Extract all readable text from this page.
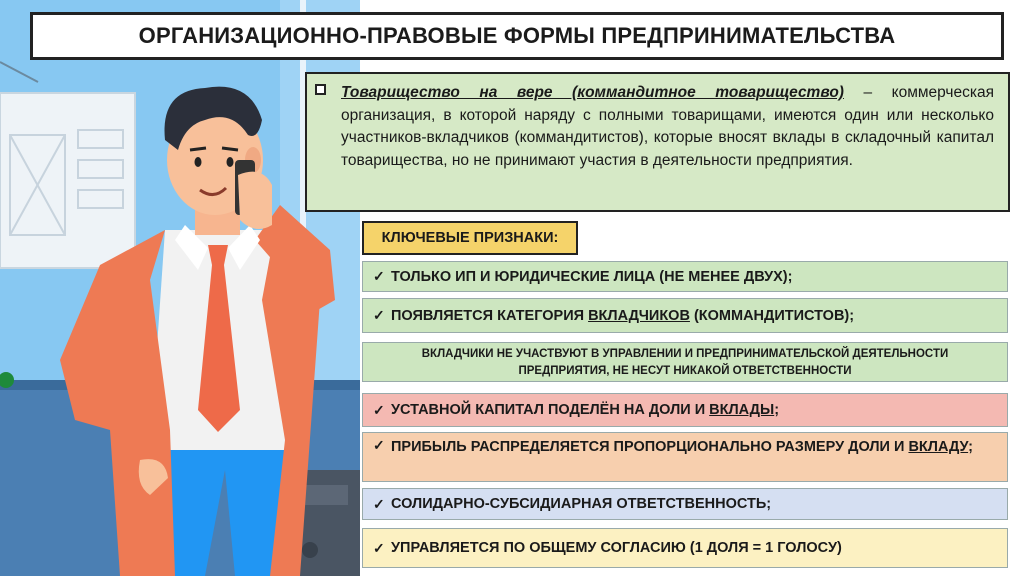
ОРГАНИЗАЦИОННО-ПРАВОВЫЕ ФОРМЫ ПРЕДПРИНИМАТЕЛЬСТВА
Товарищество на вере (коммандитное товарищество) – коммерческая организация, в которой наряду с полными товарищами, имеются один или несколько участников-вкладчиков (коммандитистов), которые вносят вклады в складочный капитал товарищества, но не принимают участия в деятельности предприятия.
КЛЮЧЕВЫЕ ПРИЗНАКИ:
✓ ТОЛЬКО ИП И ЮРИДИЧЕСКИЕ ЛИЦА (НЕ МЕНЕЕ ДВУХ);
✓ ПОЯВЛЯЕТСЯ КАТЕГОРИЯ ВКЛАДЧИКОВ (КОММАНДИТИСТОВ);
ВКЛАДЧИКИ НЕ УЧАСТВУЮТ В УПРАВЛЕНИИ И ПРЕДПРИНИМАТЕЛЬСКОЙ ДЕЯТЕЛЬНОСТИ
ПРЕДПРИЯТИЯ, НЕ НЕСУТ НИКАКОЙ ОТВЕТСТВЕННОСТИ
✓ УСТАВНОЙ КАПИТАЛ ПОДЕЛЁН НА ДОЛИ И ВКЛАДЫ;
✓ ПРИБЫЛЬ РАСПРЕДЕЛЯЕТСЯ ПРОПОРЦИОНАЛЬНО РАЗМЕРУ ДОЛИ И ВКЛАДУ;
✓ СОЛИДАРНО-СУБСИДИАРНАЯ ОТВЕТСТВЕННОСТЬ;
✓ УПРАВЛЯЕТСЯ ПО ОБЩЕМУ СОГЛАСИЮ (1 ДОЛЯ = 1 ГОЛОСУ)
